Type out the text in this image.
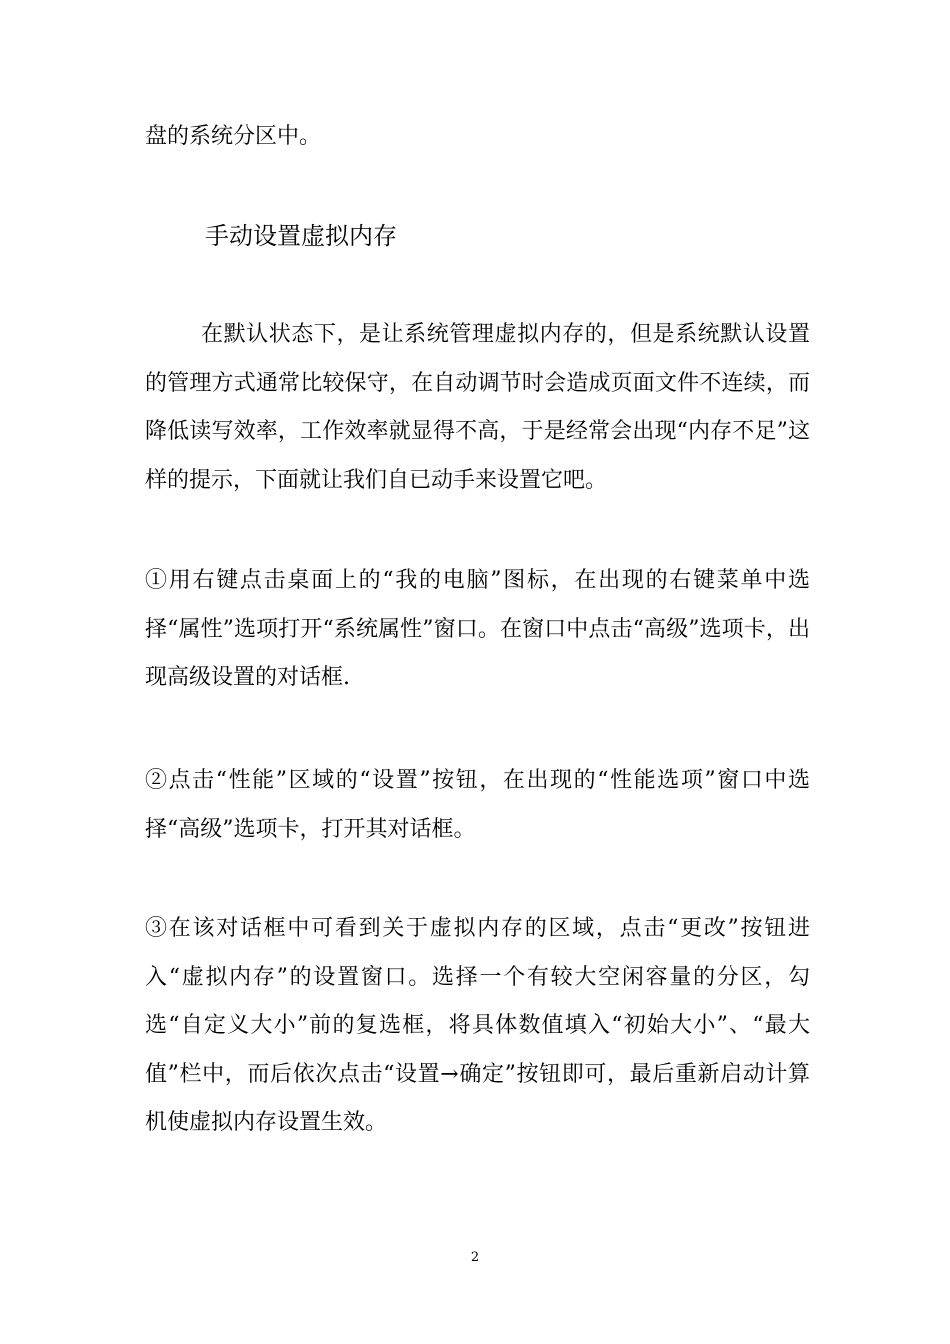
盘的系统分区中。

手动设置虚拟内存

在默认状态下，是让系统管理虚拟内存的，但是系统默认设置的管理方式通常比较保守，在自动调节时会造成页面文件不连续，而降低读写效率，工作效率就显得不高，于是经常会出现“内存不足”这样的提示，下面就让我们自已动手来设置它吧。

①用右键点击桌面上的“我的电脑”图标，在出现的右键菜单中选择“属性”选项打开“系统属性”窗口。在窗口中点击“高级”选项卡，出现高级设置的对话框.

②点击“性能”区域的“设置”按钮，在出现的“性能选项”窗口中选择“高级”选项卡，打开其对话框。

③在该对话框中可看到关于虚拟内存的区域，点击“更改”按钮进入“虚拟内存”的设置窗口。选择一个有较大空闲容量的分区，勾选“自定义大小”前的复选框，将具体数值填入“初始大小”、“最大值”栏中，而后依次点击“设置→确定”按钮即可，最后重新启动计算机使虚拟内存设置生效。

2
